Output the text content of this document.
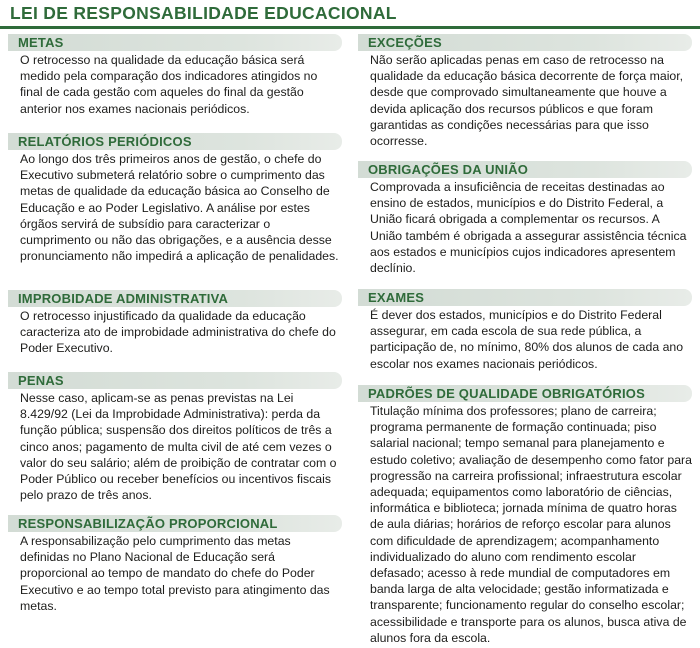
LEI DE RESPONSABILIDADE EDUCACIONAL
METAS
O retrocesso na qualidade da educação básica será medido pela comparação dos indicadores atingidos no final de cada gestão com aqueles do final da gestão anterior nos exames nacionais periódicos.
RELATÓRIOS PERIÓDICOS
Ao longo dos três primeiros anos de gestão, o chefe do Executivo submeterá relatório sobre o cumprimento das metas de qualidade da educação básica ao Conselho de Educação e ao Poder Legislativo. A análise por estes órgãos servirá de subsídio para caracterizar o cumprimento ou não das obrigações, e a ausência desse pronunciamento não impedirá a aplicação de penalidades.
IMPROBIDADE ADMINISTRATIVA
O retrocesso injustificado da qualidade da educação caracteriza ato de improbidade administrativa do chefe do Poder Executivo.
PENAS
Nesse caso, aplicam-se as penas previstas na Lei 8.429/92 (Lei da Improbidade Administrativa): perda da função pública; suspensão dos direitos políticos de três a cinco anos; pagamento de multa civil de até cem vezes o valor do seu salário; além de proibição de contratar com o Poder Público ou receber benefícios ou incentivos fiscais pelo prazo de três anos.
RESPONSABILIZAÇÃO PROPORCIONAL
A responsabilização pelo cumprimento das metas definidas no Plano Nacional de Educação será proporcional ao tempo de mandato do chefe do Poder Executivo e ao tempo total previsto para atingimento das metas.
EXCEÇÕES
Não serão aplicadas penas em caso de retrocesso na qualidade da educação básica decorrente de força maior, desde que comprovado simultaneamente que houve a devida aplicação dos recursos públicos e que foram garantidas as condições necessárias para que isso ocorresse.
OBRIGAÇÕES DA UNIÃO
Comprovada a insuficiência de receitas destinadas ao ensino de estados, municípios e do Distrito Federal, a União ficará obrigada a complementar os recursos. A União também é obrigada a assegurar assistência técnica aos estados e municípios cujos indicadores apresentem declínio.
EXAMES
É dever dos estados, municípios e do Distrito Federal assegurar, em cada escola de sua rede pública, a participação de, no mínimo, 80% dos alunos de cada ano escolar nos exames nacionais periódicos.
PADRÕES DE QUALIDADE OBRIGATÓRIOS
Titulação mínima dos professores; plano de carreira; programa permanente de formação continuada; piso salarial nacional; tempo semanal para planejamento e estudo coletivo; avaliação de desempenho como fator para progressão na carreira profissional; infraestrutura escolar adequada; equipamentos como laboratório de ciências, informática e biblioteca; jornada mínima de quatro horas de aula diárias; horários de reforço escolar para alunos com dificuldade de aprendizagem; acompanhamento individualizado do aluno com rendimento escolar defasado; acesso à rede mundial de computadores em banda larga de alta velocidade; gestão informatizada e transparente; funcionamento regular do conselho escolar; acessibilidade e transporte para os alunos, busca ativa de alunos fora da escola.
